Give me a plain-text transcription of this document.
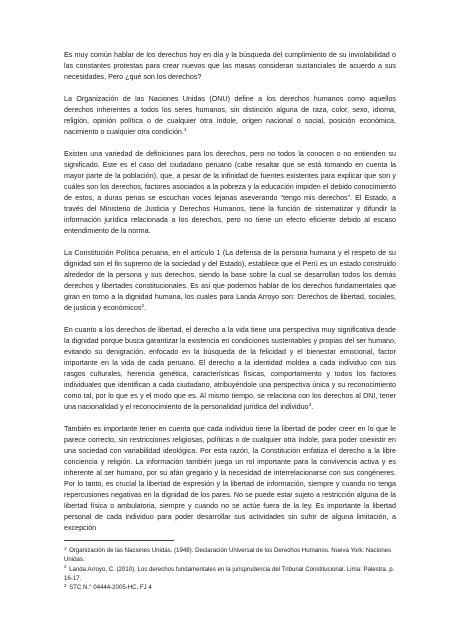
Es muy común hablar de los derechos hoy en día y la búsqueda del cumplimiento de su inviolabilidad o las constantes protestas para crear nuevos que las masas consideran sustanciales de acuerdo a sus necesidades, Pero ¿qué son los derechos?

La Organización de las Naciones Unidas (ONU) define a los derechos humanos como aquellos derechos inherentes a todos los seres humanos, sin distinción alguna de raza, color, sexo, idioma, religión, opinión política o de cualquier otra índole, origen nacional o social, posición económica, nacimiento o cualquier otra condición.$^1$

Existen una variedad de definiciones para los derechos, pero no todos la conocen o no entienden su significado. Este es el caso del ciudadano peruano (cabe resaltar que se está tomando en cuenta la mayor parte de la población), que, a pesar de la infinidad de fuentes existentes para explicar que son y cuáles son los derechos, factores asociados a la pobreza y la educación impiden el debido conocimiento de estos, a duras penas se escuchan voces lejanas aseverando “tengo mis derechos”. El Estado, a través del Ministerio de Justicia y Derechos Humanos, tiene la función de sistematizar y difundir la información jurídica relacionada a los derechos, pero no tiene un efecto eficiente debido al escaso entendimiento de la norma.

La Constitución Política peruana, en el artículo 1 (La defensa de la persona humana y el respeto de su dignidad son el fin supremo de la sociedad y del Estado), establece que el Perú es un estado construido alrededor de la persona y sus derechos, siendo la base sobre la cual se desarrollan todos los demás derechos y libertades constitucionales. Es así que podemos hablar de los derechos fundamentales que giran en torno a la dignidad humana, los cuales para Landa Arroyo son: Derechos de libertad, sociales, de justicia y económicos$^2$.

En cuanto a los derechos de libertad, el derecho a la vida tiene una perspectiva muy significativa desde la dignidad porque busca garantizar la existencia en condiciones sustentables y propias del ser humano, evitando su denigración, enfocado en la búsqueda de la felicidad y el bienestar emocional, factor importante en la vida de cada peruano. El derecho a la identidad moldea a cada individuo con sus rasgos culturales, herencia genética, características físicas, comportamiento y todos los factores individuales que identifican a cada ciudadano, atribuyéndole una perspectiva única y su reconocimiento como tal, por lo que es y el modo que es. Al mismo tiempo, se relaciona con los derechos al DNI, tener una nacionalidad y el reconocimiento de la personalidad jurídica del individuo$^3$.

También es importante tener en cuenta que cada individuo tiene la libertad de poder creer en lo que le parece correcto, sin restricciones religiosas, políticas o de cualquier otra índole, para poder coexistir en una sociedad con variabilidad ideológica. Por esta razón, la Constitución enfatiza el derecho a la libre conciencia y religión. La información también juega un rol importante para la convivencia activa y es inherente al ser humano, por su afán gregario y la necesidad de interrelacionarse con sus congéneres. Por lo tanto, es crucial la libertad de expresión y la libertad de información, siempre y cuando no tenga repercusiones negativas en la dignidad de los pares. No se puede estar sujeto a restricción alguna de la libertad física o ambulatoria, siempre y cuando no se actúe fuera de la ley. Es importante la libertad personal de cada individuo para poder desarrollar sus actividades sin sufrir de alguna limitación, a excepción

$^1$ Organización de las Naciones Unidas. (1948). Declaración Universal de los Derechos Humanos. Nueva York: Naciones Unidas.

$^2$ Landa Arroyo, C. (2010). Los derechos fundamentales en la jurisprudencia del Tribunal Constitucional. Lima: Palestra. p. 16-17.

$^3$ STC N.° 04444-2005-HC, FJ 4
